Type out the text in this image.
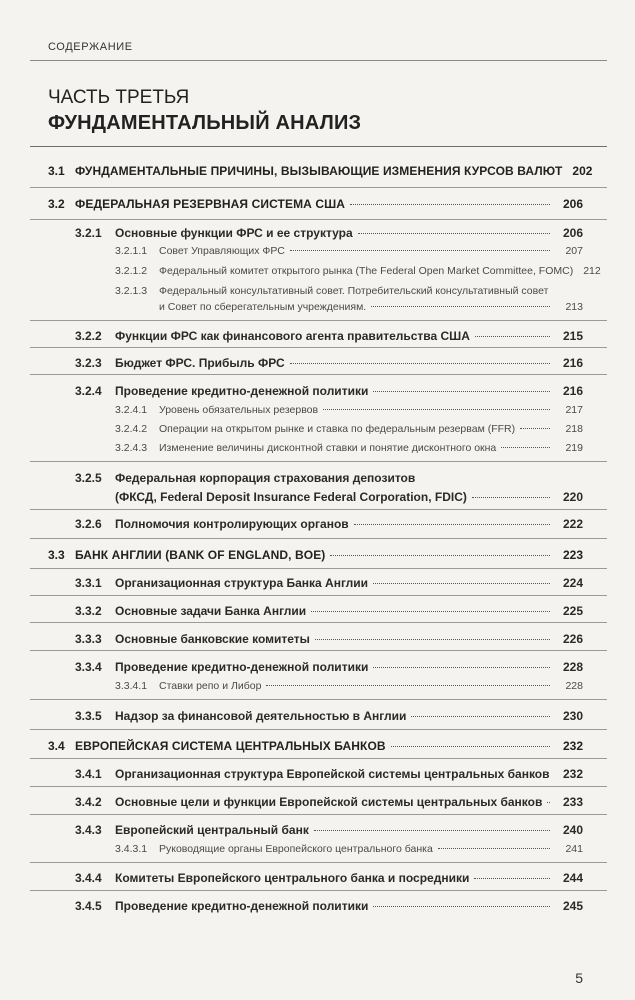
СОДЕРЖАНИЕ
ЧАСТЬ ТРЕТЬЯ
ФУНДАМЕНТАЛЬНЫЙ АНАЛИЗ
3.1 ФУНДАМЕНТАЛЬНЫЕ ПРИЧИНЫ, ВЫЗЫВАЮЩИЕ ИЗМЕНЕНИЯ КУРСОВ ВАЛЮТ 202
3.2 ФЕДЕРАЛЬНАЯ РЕЗЕРВНАЯ СИСТЕМА США	206
3.2.1 Основные функции ФРС и ее структура	206
3.2.1.1 Совет Управляющих ФРС	207
3.2.1.2 Федеральный комитет открытого рынка (The Federal Open Market Committee, FOMC) 212
3.2.1.3 Федеральный консультативный совет. Потребительский консультативный совет
и Совет по сберегательным учреждениям.	213
3.2.2 Функции ФРС как финансового агента правительства США	215
3.2.3 Бюджет ФРС. Прибыль ФРС	216
3.2.4 Проведение кредитно-денежной политики	216
3.2.4.1 Уровень обязательных резервов	217
3.2.4.2 Операции на открытом рынке и ставка по федеральным резервам (FFR)	218
3.2.4.3 Изменение величины дисконтной ставки и понятие дисконтного окна	219
3.2.5 Федеральная корпорация страхования депозитов
(ФКСД, Federal Deposit Insurance Federal Corporation, FDIC)	220
3.2.6 Полномочия контролирующих органов	222
3.3 БАНК АНГЛИИ (BANK OF ENGLAND, BOE)	223
3.3.1 Организационная структура Банка Англии	224
3.3.2 Основные задачи Банка Англии	225
3.3.3 Основные банковские комитеты	226
3.3.4 Проведение кредитно-денежной политики	228
3.3.4.1 Ставки репо и Либор	228
3.3.5 Надзор за финансовой деятельностью в Англии	230
3.4 ЕВРОПЕЙСКАЯ СИСТЕМА ЦЕНТРАЛЬНЫХ БАНКОВ	232
3.4.1 Организационная структура Европейской системы центральных банков 232
3.4.2 Основные цели и функции Европейской системы центральных банков	233
3.4.3 Европейский центральный банк	240
3.4.3.1 Руководящие органы Европейского центрального банка	241
3.4.4 Комитеты Европейского центрального банка и посредники	244
3.4.5 Проведение кредитно-денежной политики	245
5
